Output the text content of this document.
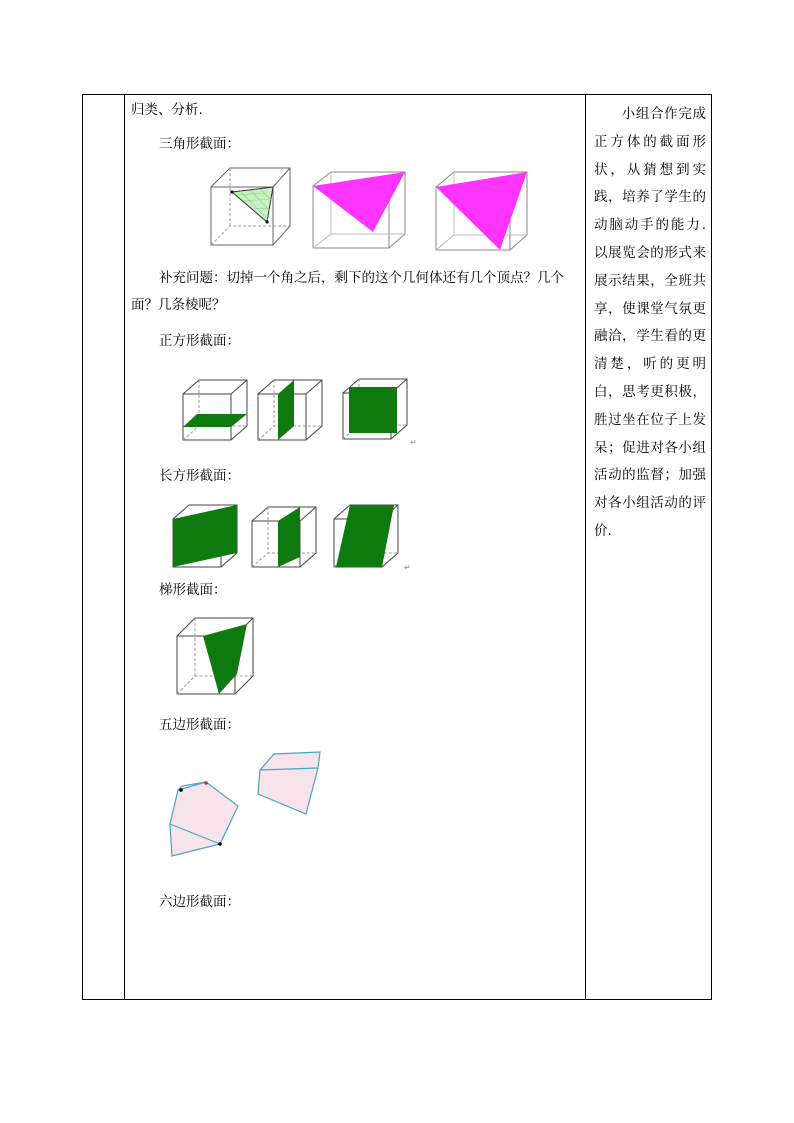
小组合作完成正方体的截面形状，从猜想到实践，培养了学生的动脑动手的能力.以展览会的形式来展示结果，全班共享，使课堂气氛更融洽，学生看的更清楚，听的更明白，思考更积极，胜过坐在位子上发呆；促进对各小组活动的监督；加强对各小组活动的评价.
归类、分析.
三角形截面：
补充问题：切掉一个角之后，剩下的这个几何体还有几个顶点？几个面？几条棱呢？
正方形截面：
长方形截面：
梯形截面：
五边形截面：
六边形截面：
↵
↵
